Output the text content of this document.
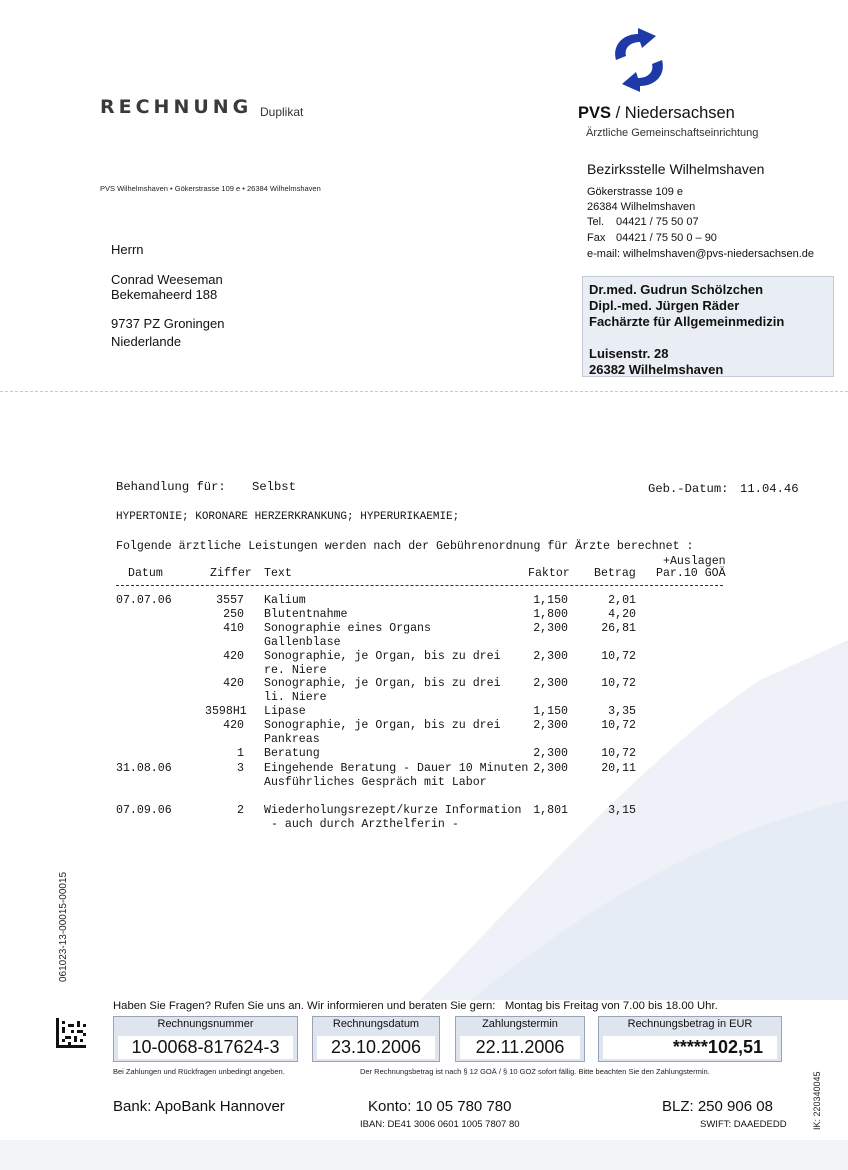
RECHNUNG Duplikat
PVS Wilhelmshaven • Gökerstrasse 109 e • 26384 Wilhelmshaven
PVS / Niedersachsen
Ärztliche Gemeinschaftseinrichtung
Bezirksstelle Wilhelmshaven
Gökerstrasse 109 e
26384 Wilhelmshaven
Tel. 04421 / 75 50 07
Fax 04421 / 75 50 0 – 90
e-mail: wilhelmshaven@pvs-niedersachsen.de
Herrn
Conrad Weeseman
Bekemaheerd 188
9737 PZ Groningen
Niederlande
Dr.med. Gudrun Schölzchen
Dipl.-med. Jürgen Räder
Fachärzte für Allgemeinmedizin
Luisenstr. 28
26382 Wilhelmshaven
Behandlung für: Selbst	Geb.-Datum: 11.04.46
HYPERTONIE; KORONARE HERZERKRANKUNG; HYPERURIKAEMIE;
Folgende ärztliche Leistungen werden nach der Gebührenordnung für Ärzte berechnet :
+Auslagen
Datum	Ziffer Text	Faktor Betrag Par.10 GOÄ
07.07.06	3557 Kalium	1,150	2,01
250 Blutentnahme	1,800	4,20
410 Sonographie eines Organs	2,300	26,81
Gallenblase
420 Sonographie, je Organ, bis zu drei	2,300	10,72
re. Niere
420 Sonographie, je Organ, bis zu drei	2,300	10,72
li. Niere
3598H1 Lipase	1,150	3,35
420 Sonographie, je Organ, bis zu drei	2,300	10,72
Pankreas
1 Beratung	2,300	10,72
31.08.06	3 Eingehende Beratung - Dauer 10 Minuten 2,300	20,11
Ausführliches Gespräch mit Labor
07.09.06	2 Wiederholungsrezept/kurze Information	1,801	3,15
- auch durch Arzthelferin -
Haben Sie Fragen? Rufen Sie uns an. Wir informieren und beraten Sie gern: Montag bis Freitag von 7.00 bis 18.00 Uhr.
Rechnungsnummer
10-0068-817624-3
Rechnungsdatum
23.10.2006
Zahlungstermin
22.11.2006
Rechnungsbetrag in EUR
*****102,51
Bei Zahlungen und Rückfragen unbedingt angeben.	Der Rechnungsbetrag ist nach § 12 GOÄ / § 10 GOZ sofort fällig. Bitte beachten Sie den Zahlungstermin.
Bank: ApoBank Hannover	Konto: 10 05 780 780
IBAN: DE41 3006 0601 1005 7807 80
BLZ: 250 906 08
SWIFT: DAAEDEDD
061023-13-00015-00015
IK: 220340045
